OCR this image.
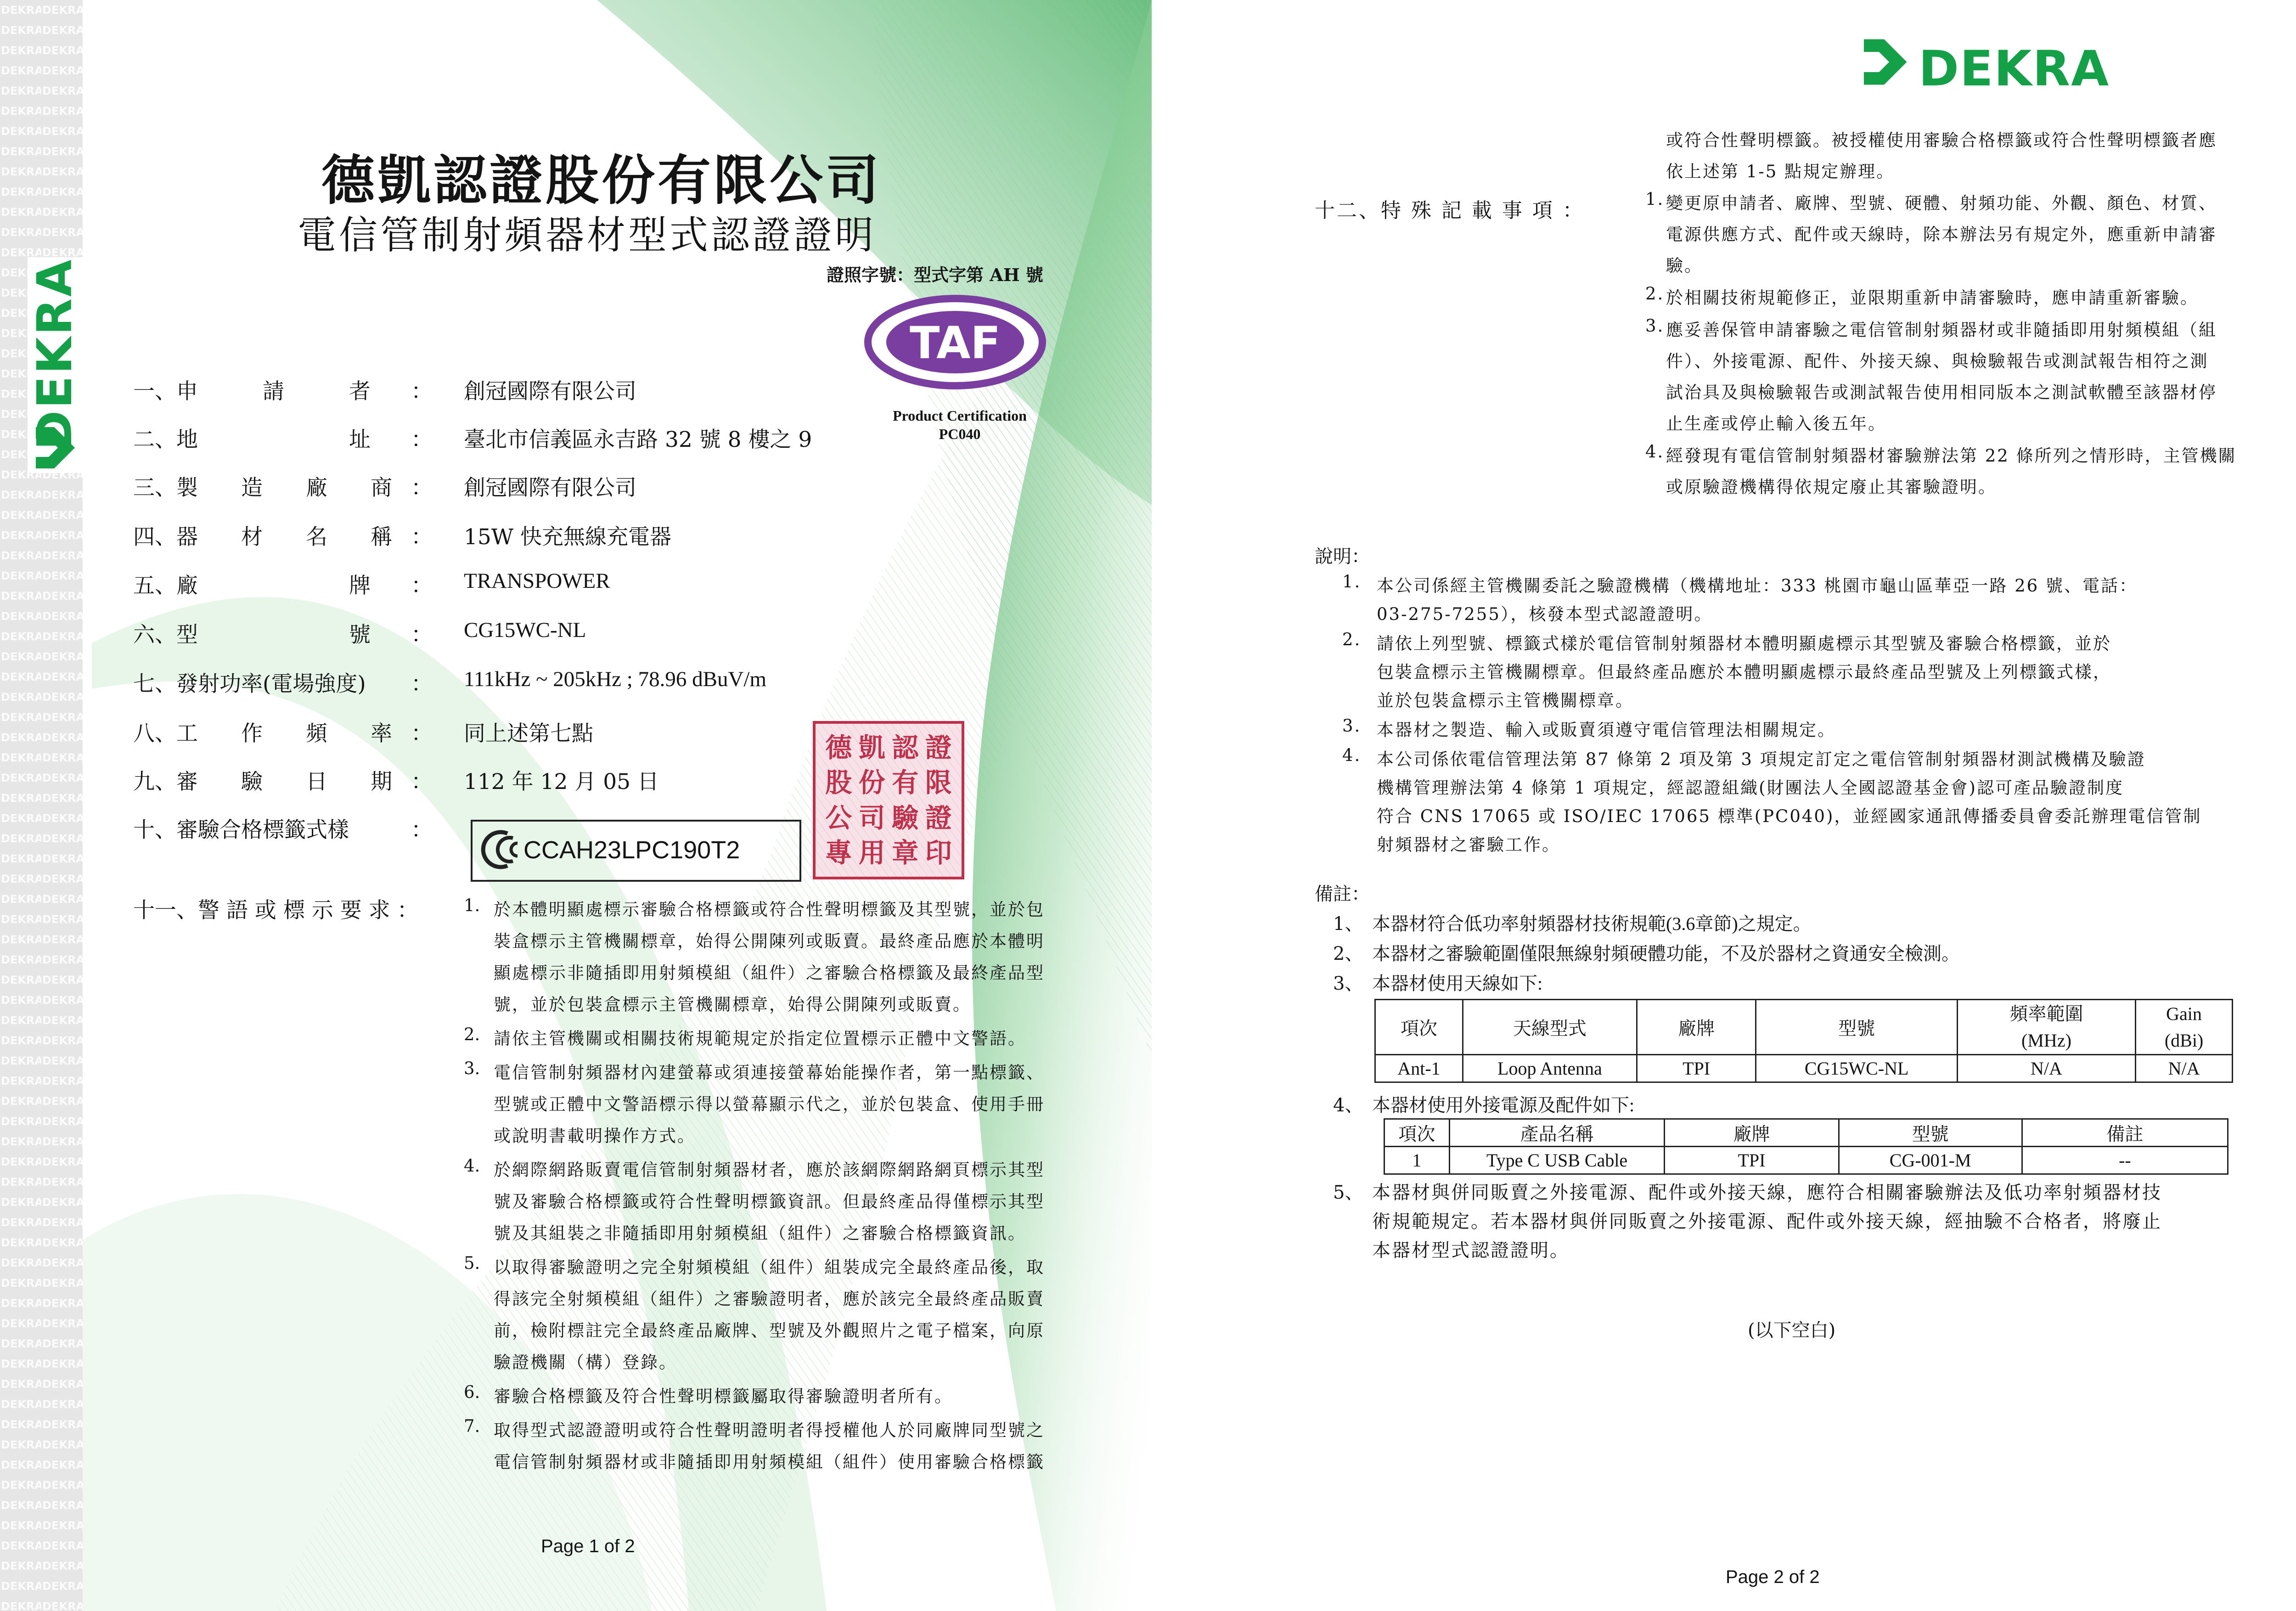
DEKRA
德凱認證股份有限公司
電信管制射頻器材型式認證證明
證照字號：型式字第 AH 號
TAF
Product Certification
PC040
一、申　　　請　　　者 ： 創冠國際有限公司
二、地　　　　　　　址 ： 臺北市信義區永吉路 32 號 8 樓之 9
三、製　　造　　廠　　商 ： 創冠國際有限公司
四、器　　材　　名　　稱 ： 15W 快充無線充電器
五、廠　　　　　　　牌 ： TRANSPOWER
六、型　　　　　　　號 ： CG15WC-NL
七、發射功率(電場強度) ： 111kHz ~ 205kHz ; 78.96 dBuV/m
八、工　　作　　頻　　率 ： 同上述第七點
九、審　　驗　　日　　期 ： 112 年 12 月 05 日
十、審驗合格標籤式樣	：
CCAH23LPC190T2
德 凱 認 證
股 份 有 限
公 司 驗 證
專 用 章 印
十一、警 語 或 標 示 要 求 ：	1. 於本體明顯處標示審驗合格標籤或符合性聲明標籤及其型號，並於包
裝盒標示主管機關標章，始得公開陳列或販賣。最終產品應於本體明
顯處標示非隨插即用射頻模組（組件）之審驗合格標籤及最終產品型
號，並於包裝盒標示主管機關標章，始得公開陳列或販賣。
2. 請依主管機關或相關技術規範規定於指定位置標示正體中文警語。
3. 電信管制射頻器材內建螢幕或須連接螢幕始能操作者，第一點標籤、
型號或正體中文警語標示得以螢幕顯示代之，並於包裝盒、使用手冊
或說明書載明操作方式。
4. 於網際網路販賣電信管制射頻器材者，應於該網際網路網頁標示其型
號及審驗合格標籤或符合性聲明標籤資訊。但最終產品得僅標示其型
號及其組裝之非隨插即用射頻模組（組件）之審驗合格標籤資訊。
5. 以取得審驗證明之完全射頻模組（組件）組裝成完全最終產品後，取
得該完全射頻模組（組件）之審驗證明者，應於該完全最終產品販賣
前，檢附標註完全最終產品廠牌、型號及外觀照片之電子檔案，向原
驗證機關（構）登錄。
6. 審驗合格標籤及符合性聲明標籤屬取得審驗證明者所有。
7. 取得型式認證證明或符合性聲明證明者得授權他人於同廠牌同型號之
電信管制射頻器材或非隨插即用射頻模組（組件）使用審驗合格標籤
Page 1 of 2
DEKRA
或符合性聲明標籤。被授權使用審驗合格標籤或符合性聲明標籤者應
依上述第 1-5 點規定辦理。
十二、特 殊 記 載 事 項 ：	1. 變更原申請者、廠牌、型號、硬體、射頻功能、外觀、顏色、材質、
電源供應方式、配件或天線時，除本辦法另有規定外，應重新申請審
驗。
2. 於相關技術規範修正，並限期重新申請審驗時，應申請重新審驗。
3. 應妥善保管申請審驗之電信管制射頻器材或非隨插即用射頻模組（組
件）、外接電源、配件、外接天線、與檢驗報告或測試報告相符之測
試治具及與檢驗報告或測試報告使用相同版本之測試軟體至該器材停
止生產或停止輸入後五年。
4. 經發現有電信管制射頻器材審驗辦法第 22 條所列之情形時，主管機關
或原驗證機構得依規定廢止其審驗證明。
說明：
1. 本公司係經主管機關委託之驗證機構（機構地址：333 桃園市龜山區華亞一路 26 號、電話：
03-275-7255），核發本型式認證證明。
2. 請依上列型號、標籤式樣於電信管制射頻器材本體明顯處標示其型號及審驗合格標籤，並於
包裝盒標示主管機關標章。但最終產品應於本體明顯處標示最終產品型號及上列標籤式樣，
並於包裝盒標示主管機關標章。
3. 本器材之製造、輸入或販賣須遵守電信管理法相關規定。
4. 本公司係依電信管理法第 87 條第 2 項及第 3 項規定訂定之電信管制射頻器材測試機構及驗證
機構管理辦法第 4 條第 1 項規定，經認證組織(財團法人全國認證基金會)認可產品驗證制度
符合 CNS 17065 或 ISO/IEC 17065 標準(PC040)，並經國家通訊傳播委員會委託辦理電信管制
射頻器材之審驗工作。
備註：
1、 本器材符合低功率射頻器材技術規範(3.6章節)之規定。
2、 本器材之審驗範圍僅限無線射頻硬體功能，不及於器材之資通安全檢測。
3、 本器材使用天線如下:
項次	天線型式	廠牌	型號	頻率範圍
(MHz)	Gain
(dBi)
Ant-1	Loop Antenna	TPI	CG15WC-NL	N/A	N/A
4、 本器材使用外接電源及配件如下:
項次	產品名稱	廠牌	型號	備註
1	Type C USB Cable	TPI	CG-001-M	--
5、 本器材與併同販賣之外接電源、配件或外接天線，應符合相關審驗辦法及低功率射頻器材技
術規範規定。若本器材與併同販賣之外接電源、配件或外接天線，經抽驗不合格者，將廢止
本器材型式認證證明。
(以下空白)
Page 2 of 2
